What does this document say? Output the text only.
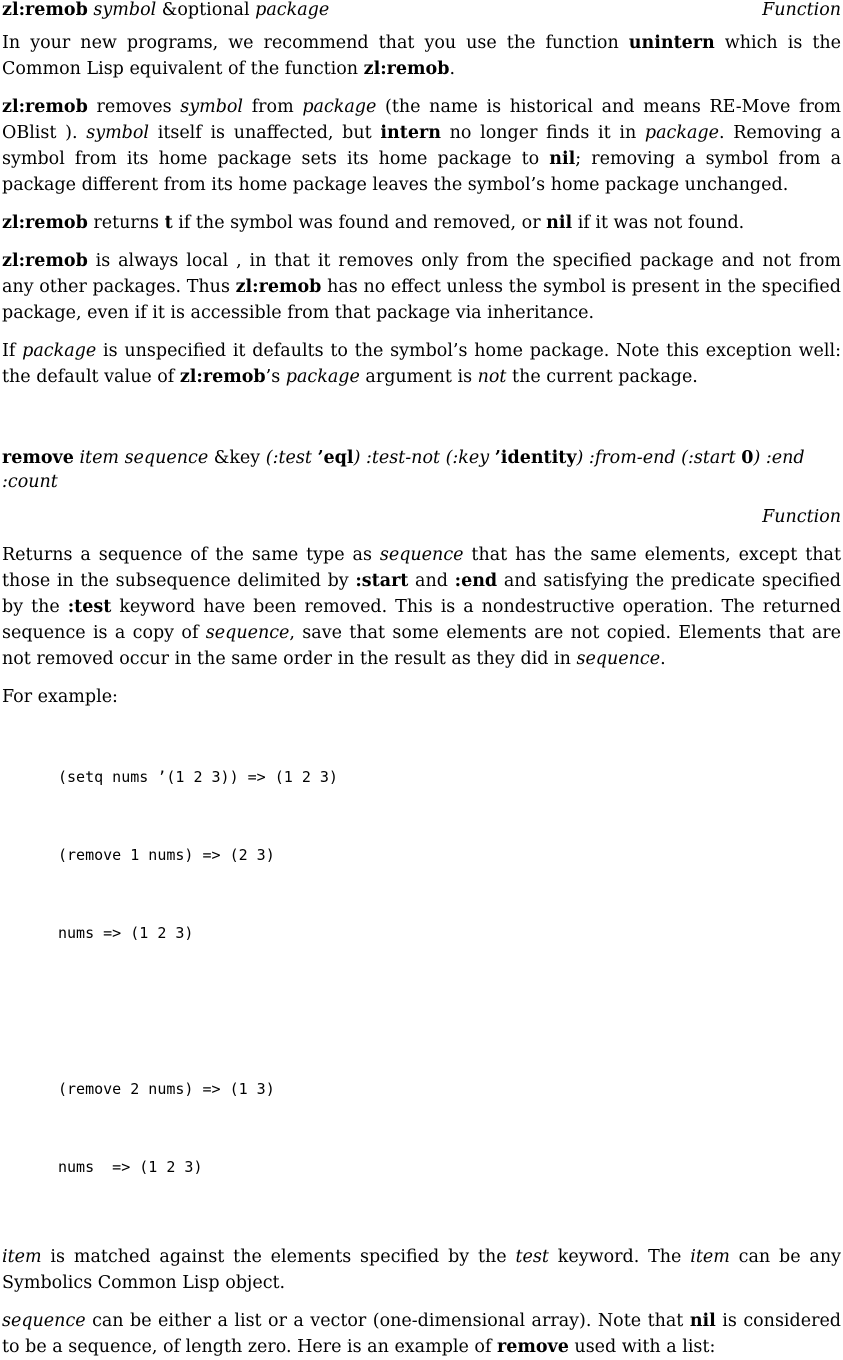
zl:remob symbol &optional package	Function

In your new programs, we recommend that you use the function unintern which is the Common Lisp equivalent of the function zl:remob.

zl:remob removes symbol from package (the name is historical and means RE-Move from OBlist ). symbol itself is unaffected, but intern no longer finds it in package. Removing a symbol from its home package sets its home package to nil; removing a symbol from a package different from its home package leaves the symbol’s home package unchanged.

zl:remob returns t if the symbol was found and removed, or nil if it was not found.

zl:remob is always local , in that it removes only from the specified package and not from any other packages. Thus zl:remob has no effect unless the symbol is present in the specified package, even if it is accessible from that package via inheritance.

If package is unspecified it defaults to the symbol’s home package. Note this exception well: the default value of zl:remob’s package argument is not the current package.

remove item sequence &key (:test ’eql) :test-not (:key ’identity) :from-end (:start 0) :end :count
Function

Returns a sequence of the same type as sequence that has the same elements, except that those in the subsequence delimited by :start and :end and satisfying the predicate specified by the :test keyword have been removed. This is a nondestructive operation. The returned sequence is a copy of sequence, save that some elements are not copied. Elements that are not removed occur in the same order in the result as they did in sequence.

For example:

(setq nums ’(1 2 3)) => (1 2 3)

(remove 1 nums) => (2 3)

nums => (1 2 3)

(remove 2 nums) => (1 3)

nums  => (1 2 3)

item is matched against the elements specified by the test keyword. The item can be any Symbolics Common Lisp object.

sequence can be either a list or a vector (one-dimensional array). Note that nil is considered to be a sequence, of length zero. Here is an example of remove used with a list:
